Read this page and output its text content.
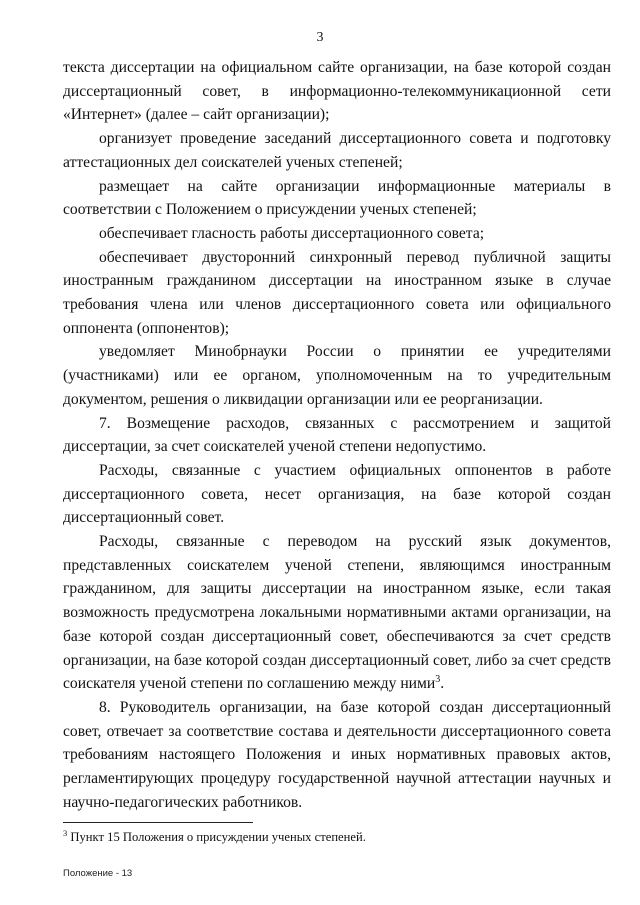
3

текста диссертации на официальном сайте организации, на базе которой создан диссертационный совет, в информационно-телекоммуникационной сети «Интернет» (далее – сайт организации);

организует проведение заседаний диссертационного совета и подготовку аттестационных дел соискателей ученых степеней;

размещает на сайте организации информационные материалы в соответствии с Положением о присуждении ученых степеней;

обеспечивает гласность работы диссертационного совета;

обеспечивает двусторонний синхронный перевод публичной защиты иностранным гражданином диссертации на иностранном языке в случае требования члена или членов диссертационного совета или официального оппонента (оппонентов);

уведомляет Минобрнауки России о принятии ее учредителями (участниками) или ее органом, уполномоченным на то учредительным документом, решения о ликвидации организации или ее реорганизации.

7. Возмещение расходов, связанных с рассмотрением и защитой диссертации, за счет соискателей ученой степени недопустимо.

Расходы, связанные с участием официальных оппонентов в работе диссертационного совета, несет организация, на базе которой создан диссертационный совет.

Расходы, связанные с переводом на русский язык документов, представленных соискателем ученой степени, являющимся иностранным гражданином, для защиты диссертации на иностранном языке, если такая возможность предусмотрена локальными нормативными актами организации, на базе которой создан диссертационный совет, обеспечиваются за счет средств организации, на базе которой создан диссертационный совет, либо за счет средств соискателя ученой степени по соглашению между ними$^3$.

8. Руководитель организации, на базе которой создан диссертационный совет, отвечает за соответствие состава и деятельности диссертационного совета требованиям настоящего Положения и иных нормативных правовых актов, регламентирующих процедуру государственной научной аттестации научных и научно-педагогических работников.

$^3$ Пункт 15 Положения о присуждении ученых степеней.
Положение - 13
